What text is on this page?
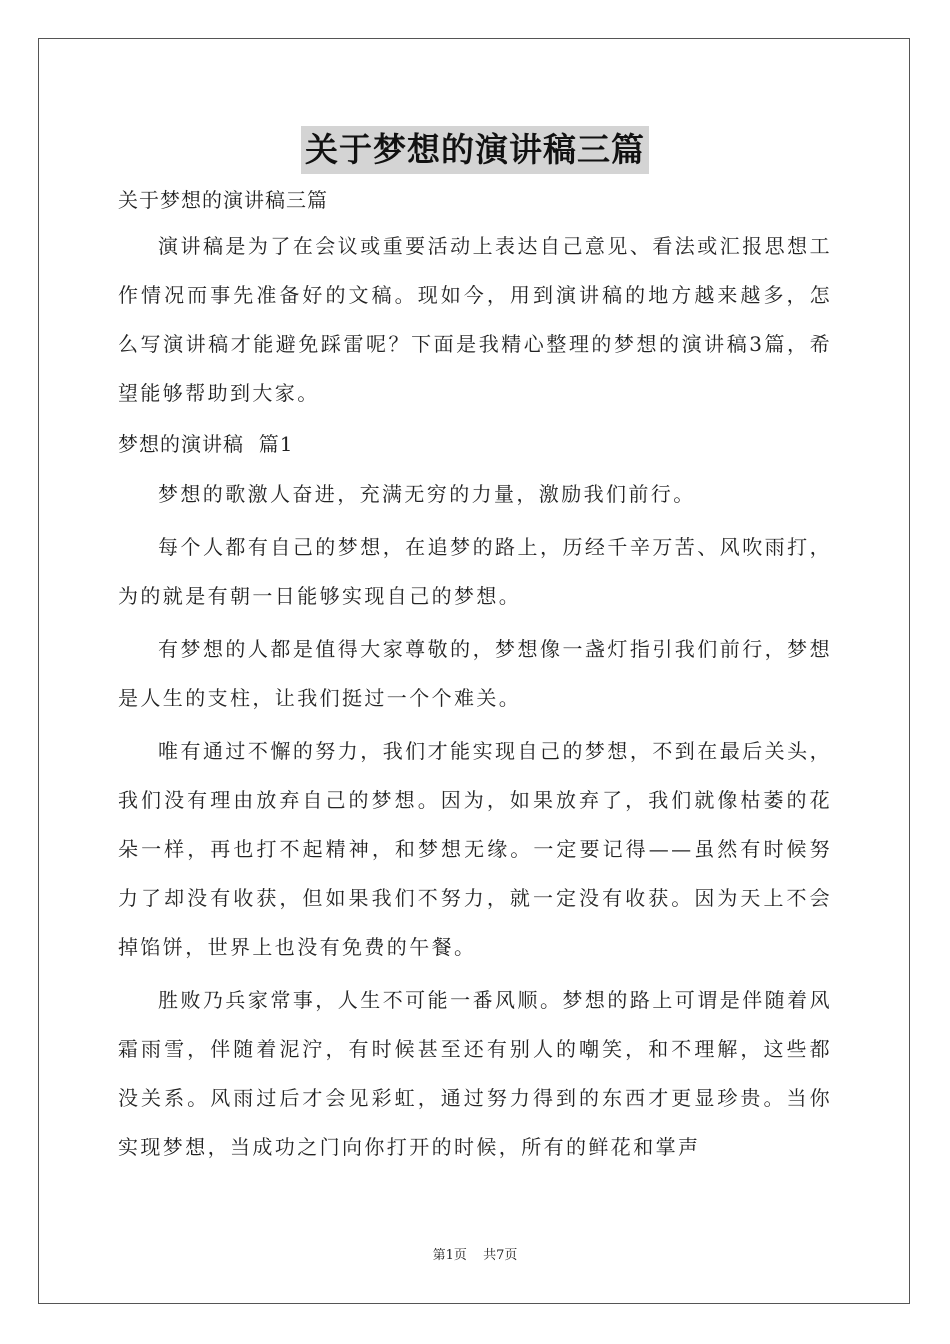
关于梦想的演讲稿三篇

关于梦想的演讲稿三篇

演讲稿是为了在会议或重要活动上表达自己意见、看法或汇报思想工作情况而事先准备好的文稿。现如今，用到演讲稿的地方越来越多，怎么写演讲稿才能避免踩雷呢？下面是我精心整理的梦想的演讲稿3篇，希望能够帮助到大家。

梦想的演讲稿  篇1

梦想的歌激人奋进，充满无穷的力量，激励我们前行。

每个人都有自己的梦想，在追梦的路上，历经千辛万苦、风吹雨打，为的就是有朝一日能够实现自己的梦想。

有梦想的人都是值得大家尊敬的，梦想像一盏灯指引我们前行，梦想是人生的支柱，让我们挺过一个个难关。

唯有通过不懈的努力，我们才能实现自己的梦想，不到在最后关头，我们没有理由放弃自己的梦想。因为，如果放弃了，我们就像枯萎的花朵一样，再也打不起精神，和梦想无缘。一定要记得——虽然有时候努力了却没有收获，但如果我们不努力，就一定没有收获。因为天上不会掉馅饼，世界上也没有免费的午餐。

胜败乃兵家常事，人生不可能一番风顺。梦想的路上可谓是伴随着风霜雨雪，伴随着泥泞，有时候甚至还有别人的嘲笑，和不理解，这些都没关系。风雨过后才会见彩虹，通过努力得到的东西才更显珍贵。当你实现梦想，当成功之门向你打开的时候，所有的鲜花和掌声

第1页 共7页
